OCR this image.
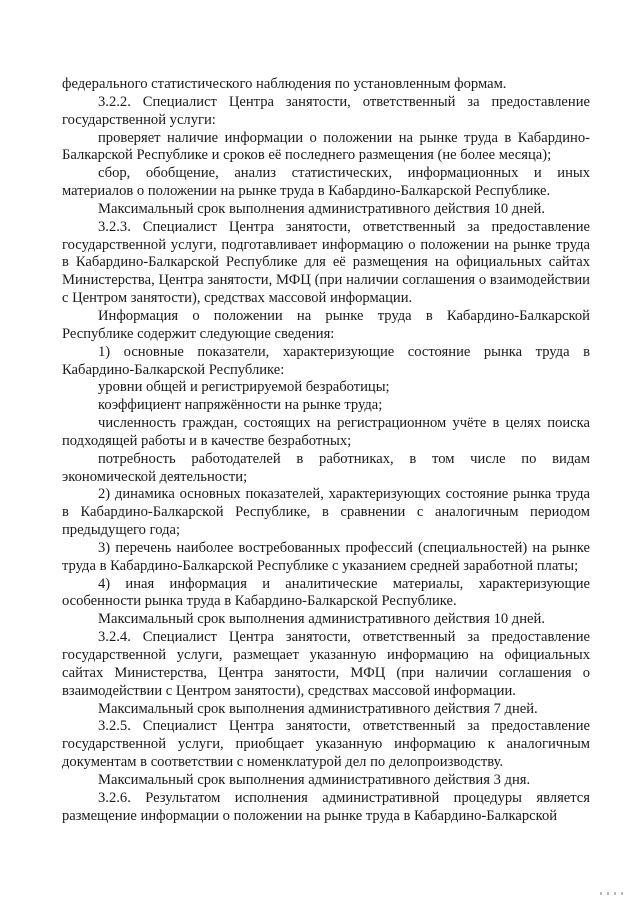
федерального статистического наблюдения по установленным формам.

3.2.2. Специалист Центра занятости, ответственный за предоставление государственной услуги:

проверяет наличие информации о положении на рынке труда в Кабардино-Балкарской Республике и сроков её последнего размещения (не более месяца);

сбор, обобщение, анализ статистических, информационных и иных материалов о положении на рынке труда в Кабардино-Балкарской Республике.

Максимальный срок выполнения административного действия 10 дней.

3.2.3. Специалист Центра занятости, ответственный за предоставление государственной услуги, подготавливает информацию о положении на рынке труда в Кабардино-Балкарской Республике для её размещения на официальных сайтах Министерства, Центра занятости, МФЦ (при наличии соглашения о взаимодействии с Центром занятости), средствах массовой информации.

Информация о положении на рынке труда в Кабардино-Балкарской Республике содержит следующие сведения:

1) основные показатели, характеризующие состояние рынка труда в Кабардино-Балкарской Республике:

уровни общей и регистрируемой безработицы;

коэффициент напряжённости на рынке труда;

численность граждан, состоящих на регистрационном учёте в целях поиска подходящей работы и в качестве безработных;

потребность работодателей в работниках, в том числе по видам экономической деятельности;

2) динамика основных показателей, характеризующих состояние рынка труда в Кабардино-Балкарской Республике, в сравнении с аналогичным периодом предыдущего года;

3) перечень наиболее востребованных профессий (специальностей) на рынке труда в Кабардино-Балкарской Республике с указанием средней заработной платы;

4) иная информация и аналитические материалы, характеризующие особенности рынка труда в Кабардино-Балкарской Республике.

Максимальный срок выполнения административного действия 10 дней.

3.2.4. Специалист Центра занятости, ответственный за предоставление государственной услуги, размещает указанную информацию на официальных сайтах Министерства, Центра занятости, МФЦ (при наличии соглашения о взаимодействии с Центром занятости), средствах массовой информации.

Максимальный срок выполнения административного действия 7 дней.

3.2.5. Специалист Центра занятости, ответственный за предоставление государственной услуги, приобщает указанную информацию к аналогичным документам в соответствии с номенклатурой дел по делопроизводству.

Максимальный срок выполнения административного действия 3 дня.

3.2.6. Результатом исполнения административной процедуры является размещение информации о положении на рынке труда в Кабардино-Балкарской
